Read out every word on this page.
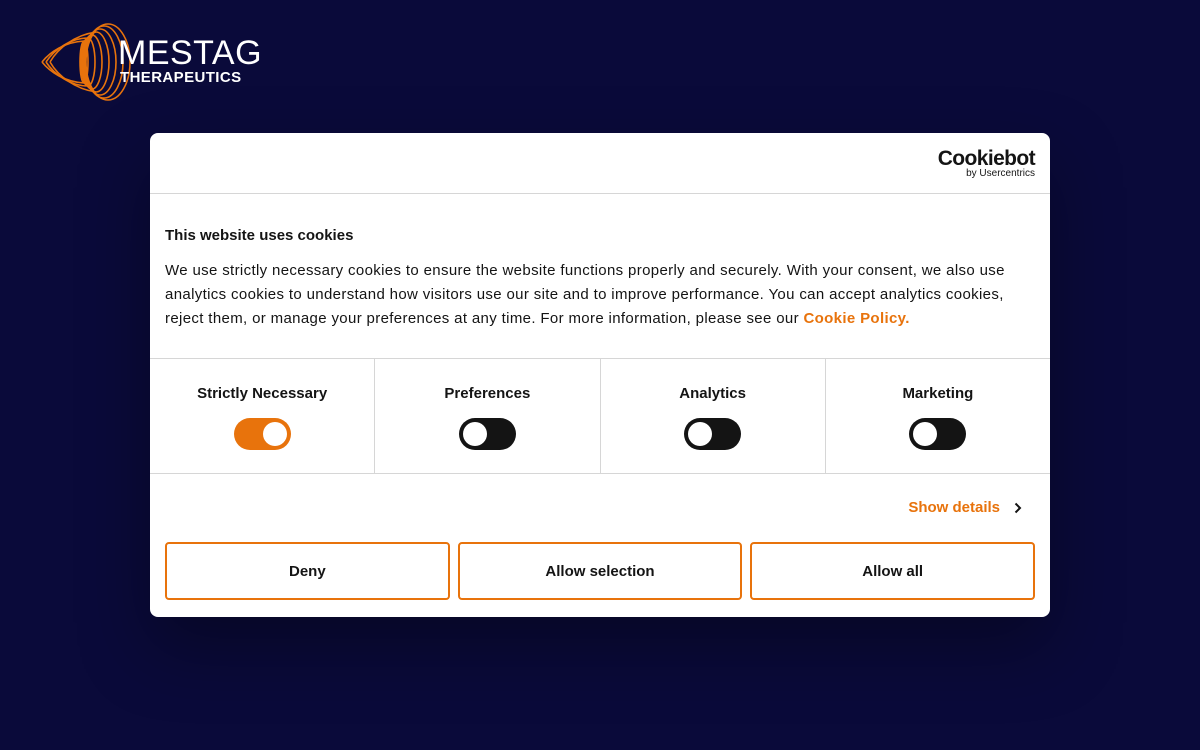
MESTAG
THERAPEUTICS
Cookiebot
by Usercentrics
This website uses cookies

We use strictly necessary cookies to ensure the website functions properly and securely. With your consent, we also use analytics cookies to understand how visitors use our site and to improve performance. You can accept analytics cookies, reject them, or manage your preferences at any time. For more information, please see our Cookie Policy.

Strictly Necessary	Preferences	Analytics	Marketing
Show details
Deny	Allow selection	Allow all
